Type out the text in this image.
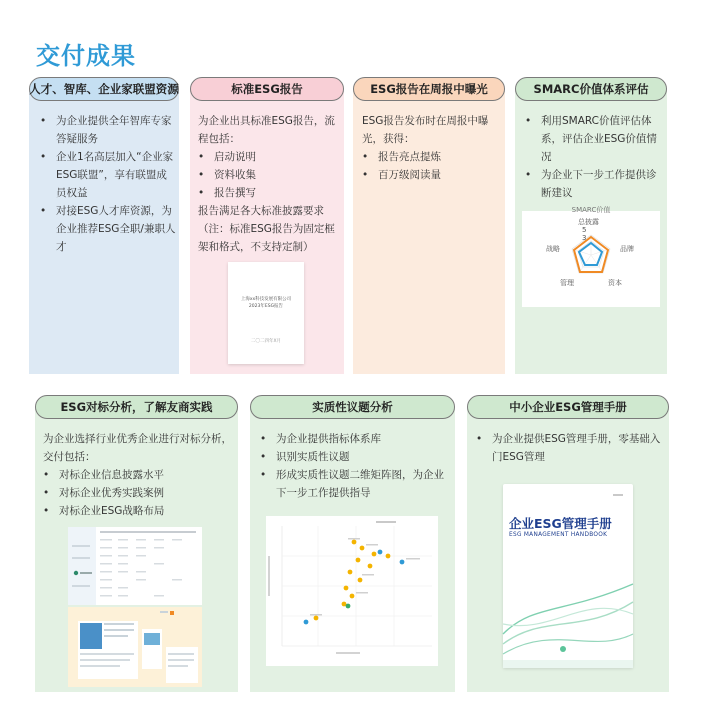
交付成果
人才、智库、企业家联盟资源
• 为企业提供全年智库专家答疑服务
• 企业1名高层加入“企业家ESG联盟”，享有联盟成员权益
• 对接ESG人才库资源，为企业推荐ESG全职/兼职人才
标准ESG报告

为企业出具标准ESG报告，流程包括：

• 启动说明
• 资料收集
• 报告撰写

报告满足各大标准披露要求

（注：标准ESG报告为固定框架和格式，不支持定制）

上海xx科技发展有限公司
2023年ESG报告
二〇二四年X月
ESG报告在周报中曝光

ESG报告发布时在周报中曝光，获得：

• 报告亮点提炼
• 百万级阅读量
SMARC价值体系评估
• 利用SMARC价值评估体系，评估企业ESG价值情况
• 为企业下一步工作提供诊断建议
SMARC价值
总披露
5
3
品牌
资本
管理
战略
ESG对标分析，了解友商实践

为企业选择行业优秀企业进行对标分析，交付包括：

• 对标企业信息披露水平
• 对标企业优秀实践案例
• 对标企业ESG战略布局
实质性议题分析
• 为企业提供指标体系库
• 识别实质性议题
• 形成实质性议题二维矩阵图，为企业下一步工作提供指导
中小企业ESG管理手册
• 为企业提供ESG管理手册，零基础入门ESG管理
企业ESG管理手册
ESG MANAGEMENT HANDBOOK
